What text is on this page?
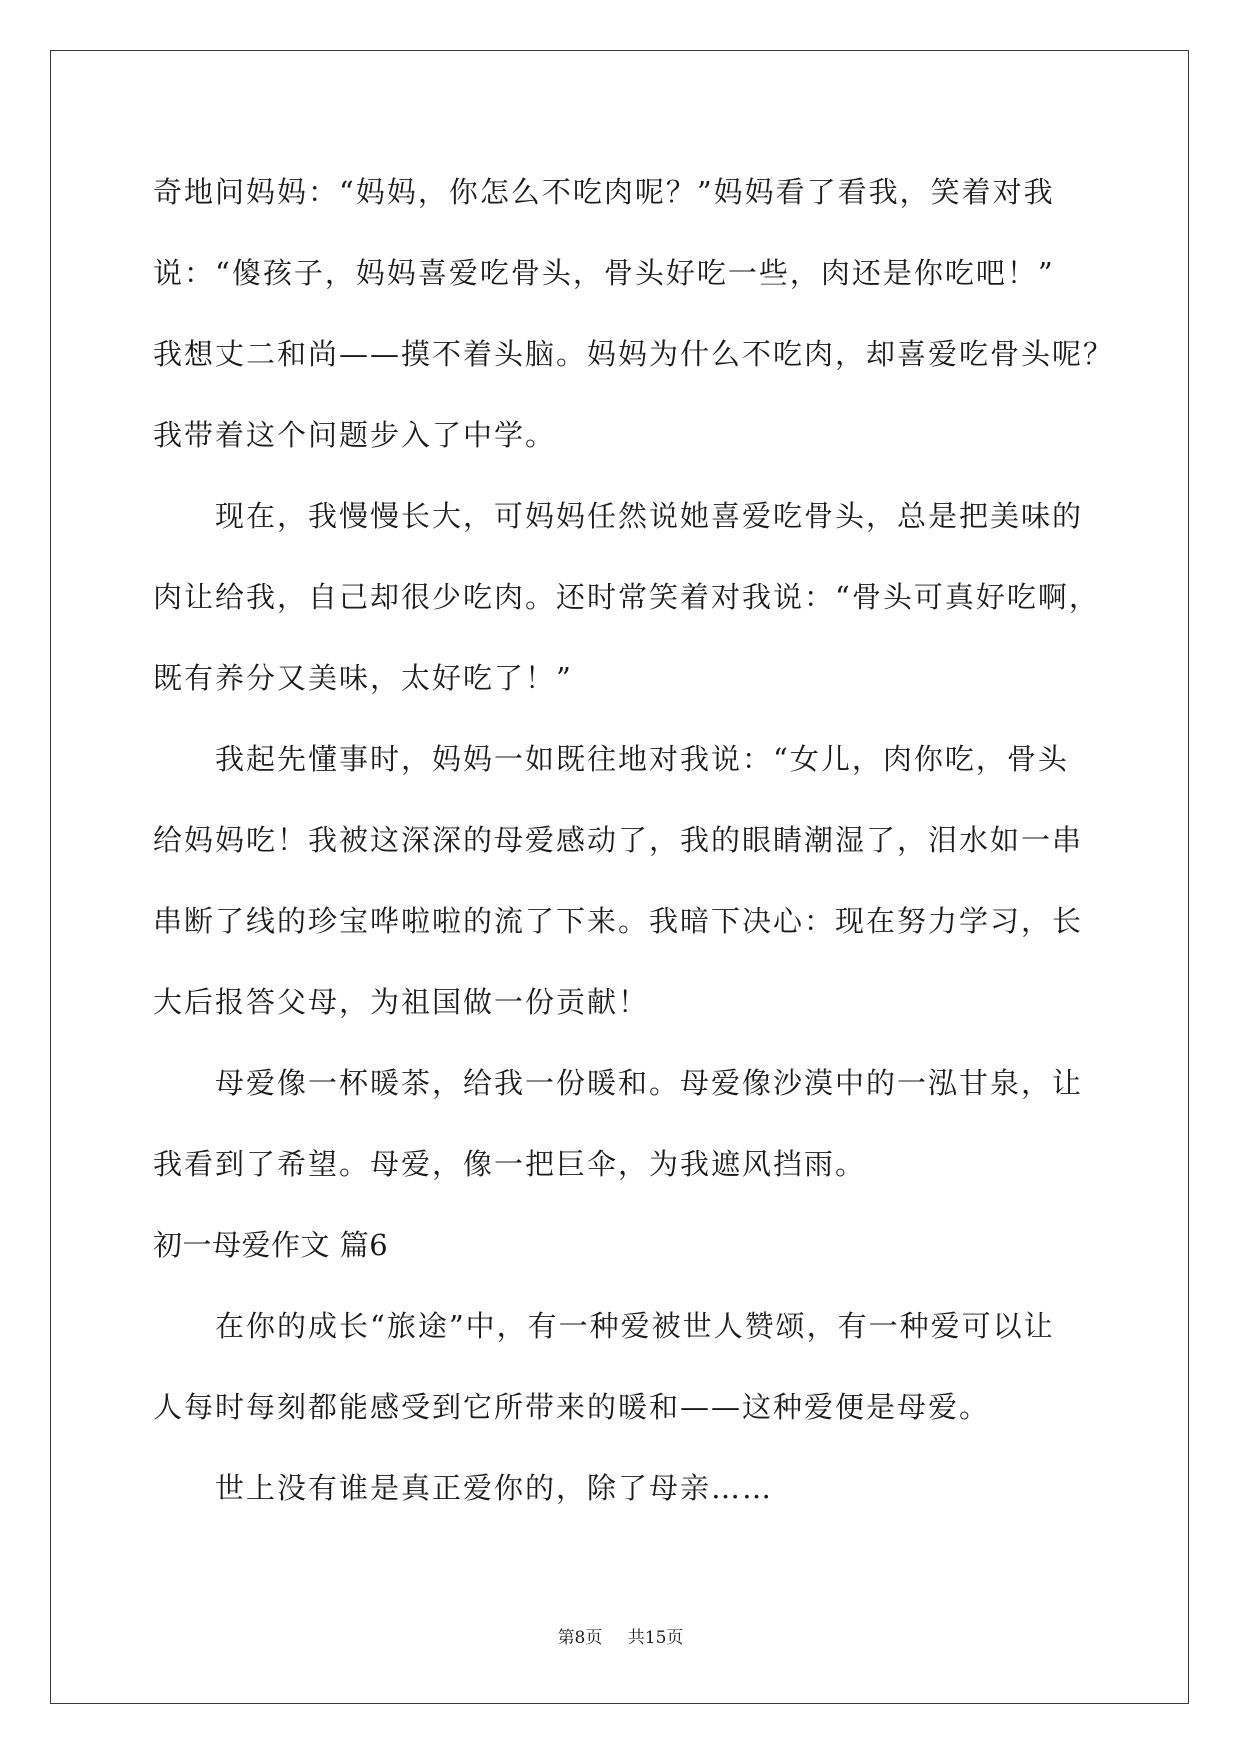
奇地问妈妈：“妈妈，你怎么不吃肉呢？”妈妈看了看我，笑着对我
说：“傻孩子，妈妈喜爱吃骨头，骨头好吃一些，肉还是你吃吧！”
我想丈二和尚——摸不着头脑。妈妈为什么不吃肉，却喜爱吃骨头呢？
我带着这个问题步入了中学。
现在，我慢慢长大，可妈妈任然说她喜爱吃骨头，总是把美味的
肉让给我，自己却很少吃肉。还时常笑着对我说：“骨头可真好吃啊，
既有养分又美味，太好吃了！”
我起先懂事时，妈妈一如既往地对我说：“女儿，肉你吃，骨头
给妈妈吃！我被这深深的母爱感动了，我的眼睛潮湿了，泪水如一串
串断了线的珍宝哗啦啦的流了下来。我暗下决心：现在努力学习，长
大后报答父母，为祖国做一份贡献！
母爱像一杯暖茶，给我一份暖和。母爱像沙漠中的一泓甘泉，让
我看到了希望。母爱，像一把巨伞，为我遮风挡雨。
初一母爱作文 篇6
在你的成长“旅途”中，有一种爱被世人赞颂，有一种爱可以让
人每时每刻都能感受到它所带来的暖和——这种爱便是母爱。
世上没有谁是真正爱你的，除了母亲……
第8页 共15页
